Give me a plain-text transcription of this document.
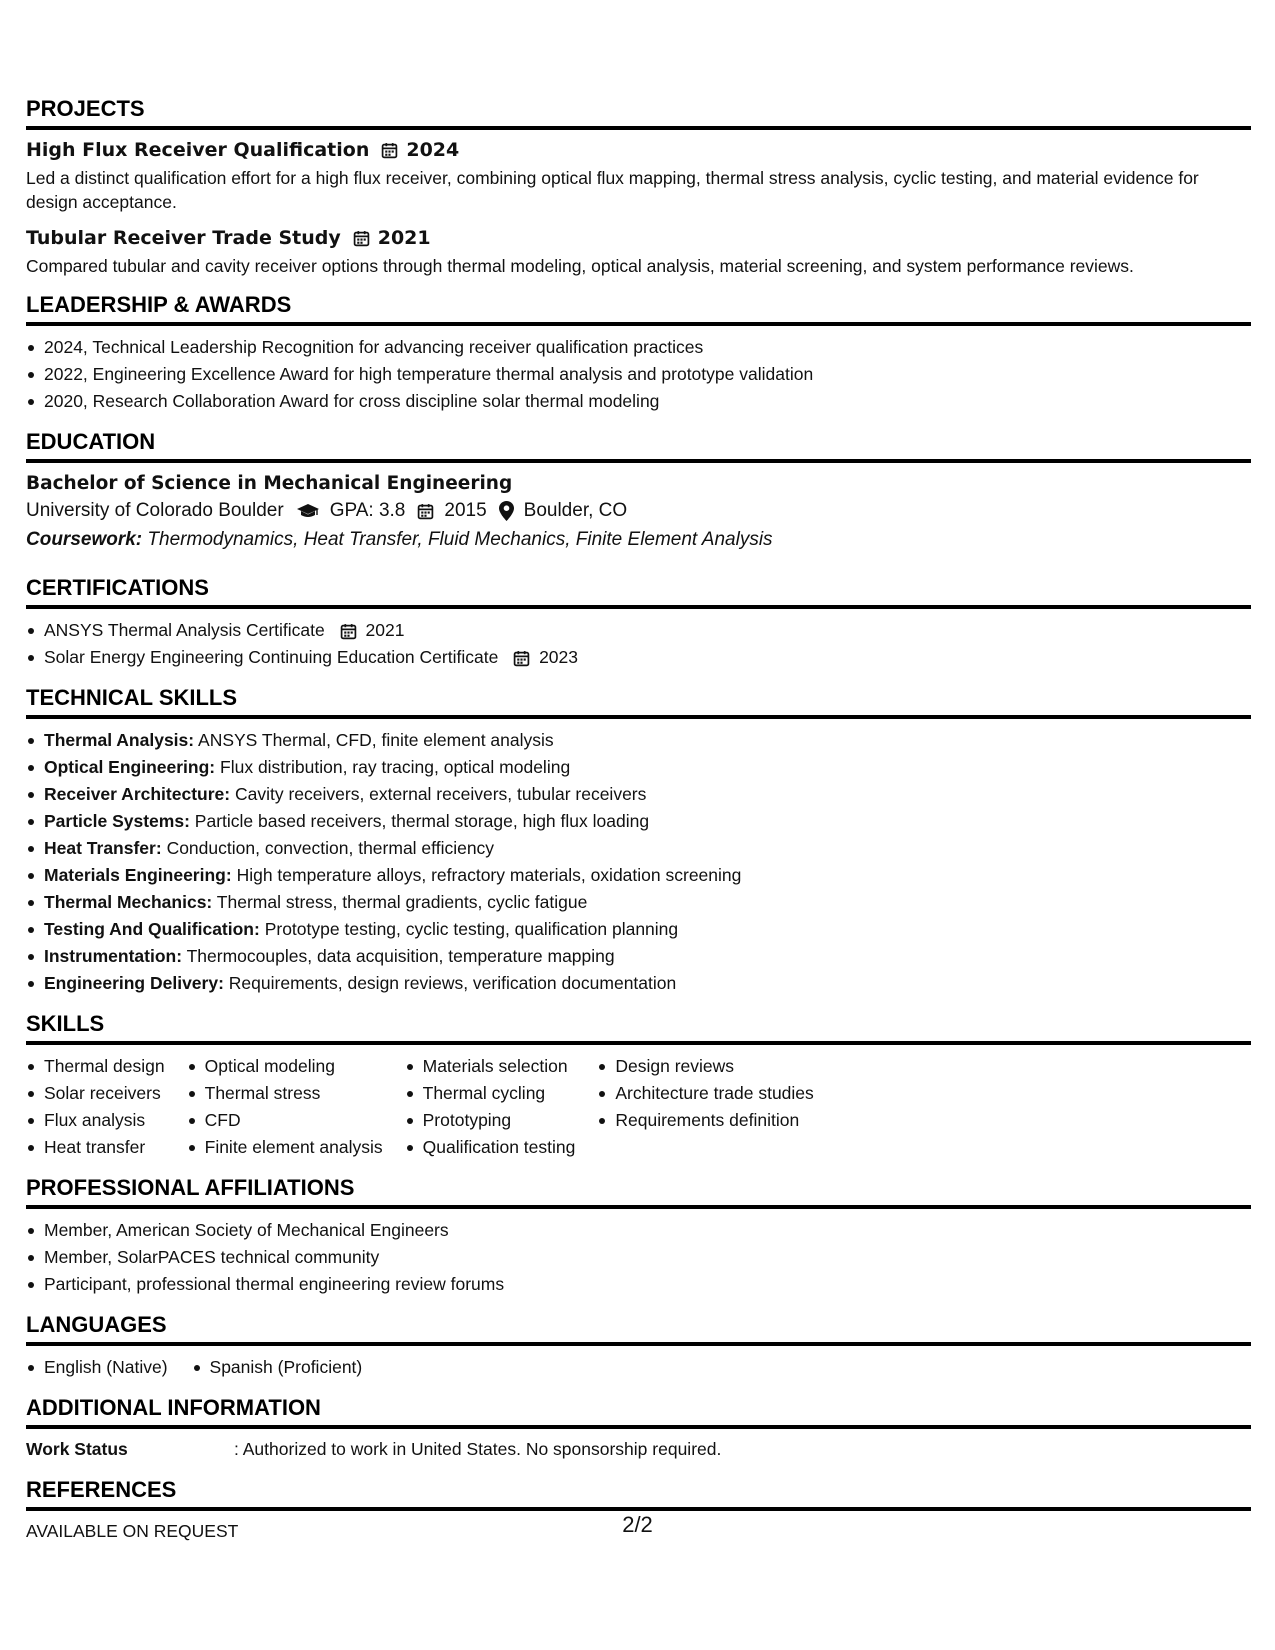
PROJECTS
High Flux Receiver Qualification 2024
Led a distinct qualification effort for a high flux receiver, combining optical flux mapping, thermal stress analysis, cyclic testing, and material evidence for design acceptance.
Tubular Receiver Trade Study 2021
Compared tubular and cavity receiver options through thermal modeling, optical analysis, material screening, and system performance reviews.
LEADERSHIP & AWARDS
2024, Technical Leadership Recognition for advancing receiver qualification practices
2022, Engineering Excellence Award for high temperature thermal analysis and prototype validation
2020, Research Collaboration Award for cross discipline solar thermal modeling
EDUCATION
Bachelor of Science in Mechanical Engineering
University of Colorado Boulder GPA: 3.8 2015 Boulder, CO
Coursework: Thermodynamics, Heat Transfer, Fluid Mechanics, Finite Element Analysis
CERTIFICATIONS
ANSYS Thermal Analysis Certificate 2021
Solar Energy Engineering Continuing Education Certificate 2023
TECHNICAL SKILLS
Thermal Analysis: ANSYS Thermal, CFD, finite element analysis
Optical Engineering: Flux distribution, ray tracing, optical modeling
Receiver Architecture: Cavity receivers, external receivers, tubular receivers
Particle Systems: Particle based receivers, thermal storage, high flux loading
Heat Transfer: Conduction, convection, thermal efficiency
Materials Engineering: High temperature alloys, refractory materials, oxidation screening
Thermal Mechanics: Thermal stress, thermal gradients, cyclic fatigue
Testing And Qualification: Prototype testing, cyclic testing, qualification planning
Instrumentation: Thermocouples, data acquisition, temperature mapping
Engineering Delivery: Requirements, design reviews, verification documentation
SKILLS
Thermal design
Solar receivers
Flux analysis
Heat transfer
Optical modeling
Thermal stress
CFD
Finite element analysis
Materials selection
Thermal cycling
Prototyping
Qualification testing
Design reviews
Architecture trade studies
Requirements definition
PROFESSIONAL AFFILIATIONS
Member, American Society of Mechanical Engineers
Member, SolarPACES technical community
Participant, professional thermal engineering review forums
LANGUAGES
English (Native) Spanish (Proficient)
ADDITIONAL INFORMATION
Work Status	: Authorized to work in United States. No sponsorship required.
REFERENCES
AVAILABLE ON REQUEST	2/2
